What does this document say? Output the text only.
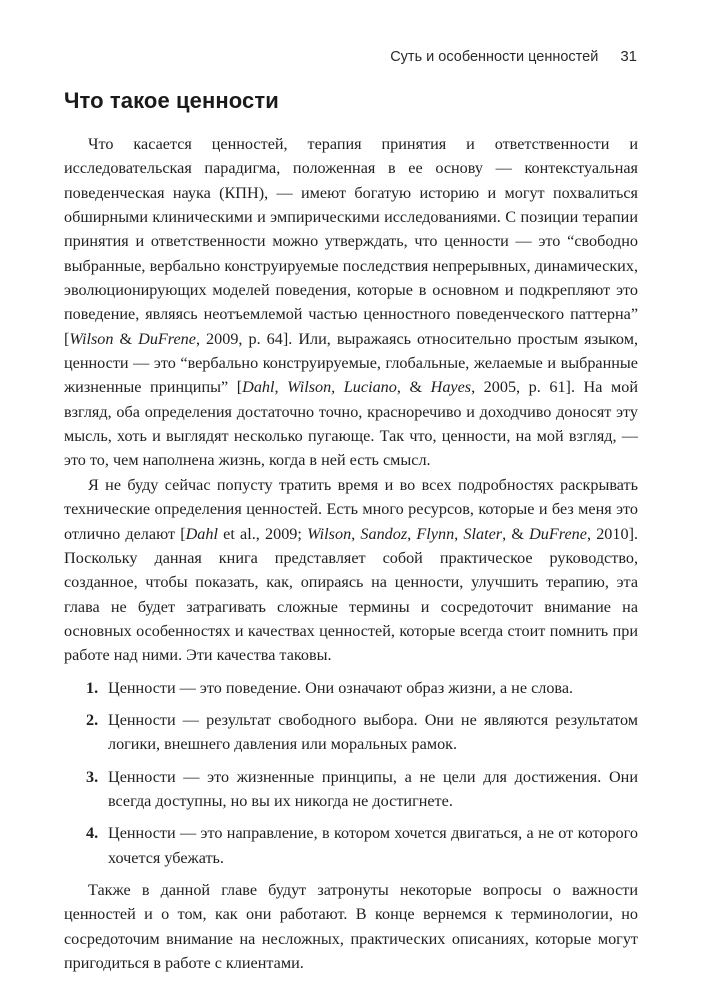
Суть и особенности ценностей 31
Что такое ценности

Что касается ценностей, терапия принятия и ответственности и исследовательская парадигма, положенная в ее основу — контекстуальная поведенческая наука (КПН), — имеют богатую историю и могут похвалиться обширными клиническими и эмпирическими исследованиями. С позиции терапии принятия и ответственности можно утверждать, что ценности — это “свободно выбранные, вербально конструируемые последствия непрерывных, динамических, эволюционирующих моделей поведения, которые в основном и подкрепляют это поведение, являясь неотъемлемой частью ценностного поведенческого паттерна” [Wilson & DuFrene, 2009, p. 64]. Или, выражаясь относительно простым языком, ценности — это “вербально конструируемые, глобальные, желаемые и выбранные жизненные принципы” [Dahl, Wilson, Luciano, & Hayes, 2005, p. 61]. На мой взгляд, оба определения достаточно точно, красноречиво и доходчиво доносят эту мысль, хоть и выглядят несколько пугающе. Так что, ценности, на мой взгляд, — это то, чем наполнена жизнь, когда в ней есть смысл.

Я не буду сейчас попусту тратить время и во всех подробностях раскрывать технические определения ценностей. Есть много ресурсов, которые и без меня это отлично делают [Dahl et al., 2009; Wilson, Sandoz, Flynn, Slater, & DuFrene, 2010]. Поскольку данная книга представляет собой практическое руководство, созданное, чтобы показать, как, опираясь на ценности, улучшить терапию, эта глава не будет затрагивать сложные термины и сосредоточит внимание на основных особенностях и качествах ценностей, которые всегда стоит помнить при работе над ними. Эти качества таковы.

1. Ценности — это поведение. Они означают образ жизни, а не слова.
2. Ценности — результат свободного выбора. Они не являются результатом логики, внешнего давления или моральных рамок.
3. Ценности — это жизненные принципы, а не цели для достижения. Они всегда доступны, но вы их никогда не достигнете.
4. Ценности — это направление, в котором хочется двигаться, а не от которого хочется убежать.

Также в данной главе будут затронуты некоторые вопросы о важности ценностей и о том, как они работают. В конце вернемся к терминологии, но сосредоточим внимание на несложных, практических описаниях, которые могут пригодиться в работе с клиентами.
